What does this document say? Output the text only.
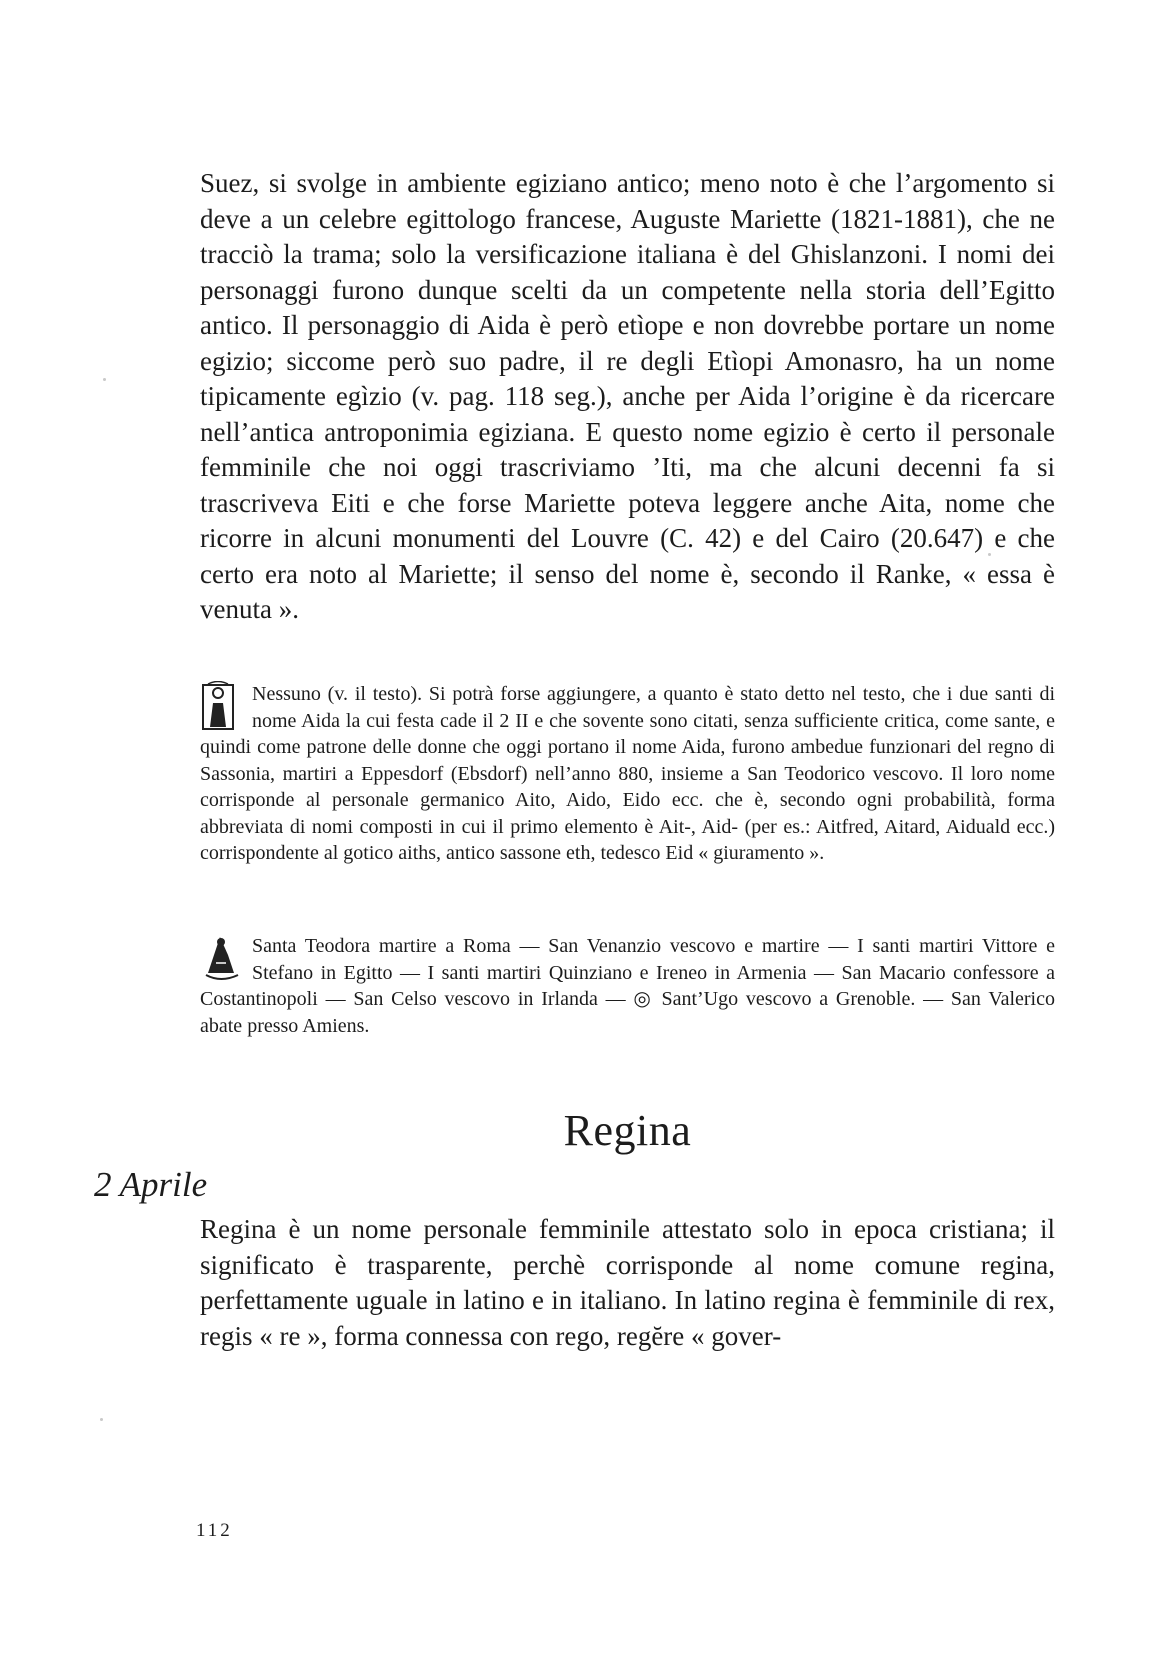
Suez, si svolge in ambiente egiziano antico; meno noto è che l’argomento si deve a un celebre egittologo francese, Auguste Mariette (1821-1881), che ne tracciò la trama; solo la versificazione italiana è del Ghislanzoni. I nomi dei personaggi furono dunque scelti da un competente nella storia dell’Egitto antico. Il personaggio di Aida è però etìope e non dovrebbe portare un nome egizio; siccome però suo padre, il re degli Etìopi Amonasro, ha un nome tipicamente egìzio (v. pag. 118 seg.), anche per Aida l’origine è da ricercare nell’antica antroponimia egiziana. E questo nome egizio è certo il personale femminile che noi oggi trascriviamo ’Iti, ma che alcuni decenni fa si trascriveva Eiti e che forse Mariette poteva leggere anche Aita, nome che ricorre in alcuni monumenti del Louvre (C. 42) e del Cairo (20.647) e che certo era noto al Mariette; il senso del nome è, secondo il Ranke, « essa è venuta ».

Nessuno (v. il testo). Si potrà forse aggiungere, a quanto è stato detto nel testo, che i due santi di nome Aida la cui festa cade il 2 II e che sovente sono citati, senza sufficiente critica, come sante, e quindi come patrone delle donne che oggi portano il nome Aida, furono ambedue funzionari del regno di Sassonia, martiri a Eppesdorf (Ebsdorf) nell’anno 880, insieme a San Teodorico vescovo. Il loro nome corrisponde al personale germanico Aito, Aido, Eido ecc. che è, secondo ogni probabilità, forma abbreviata di nomi composti in cui il primo elemento è Ait-, Aid- (per es.: Aitfred, Aitard, Aiduald ecc.) corrispondente al gotico aiths, antico sassone eth, tedesco Eid « giuramento ».

Santa Teodora martire a Roma — San Venanzio vescovo e martire — I santi martiri Vittore e Stefano in Egitto — I santi martiri Quinziano e Ireneo in Armenia — San Macario confessore a Costantinopoli — San Celso vescovo in Irlanda — ◎ Sant’Ugo vescovo a Grenoble. — San Valerico abate presso Amiens.

Regina
2 Aprile

Regina è un nome personale femminile attestato solo in epoca cristiana; il significato è trasparente, perchè corrisponde al nome comune regina, perfettamente uguale in latino e in italiano. In latino regina è femminile di rex, regis « re », forma connessa con rego, regĕre « gover-

112
